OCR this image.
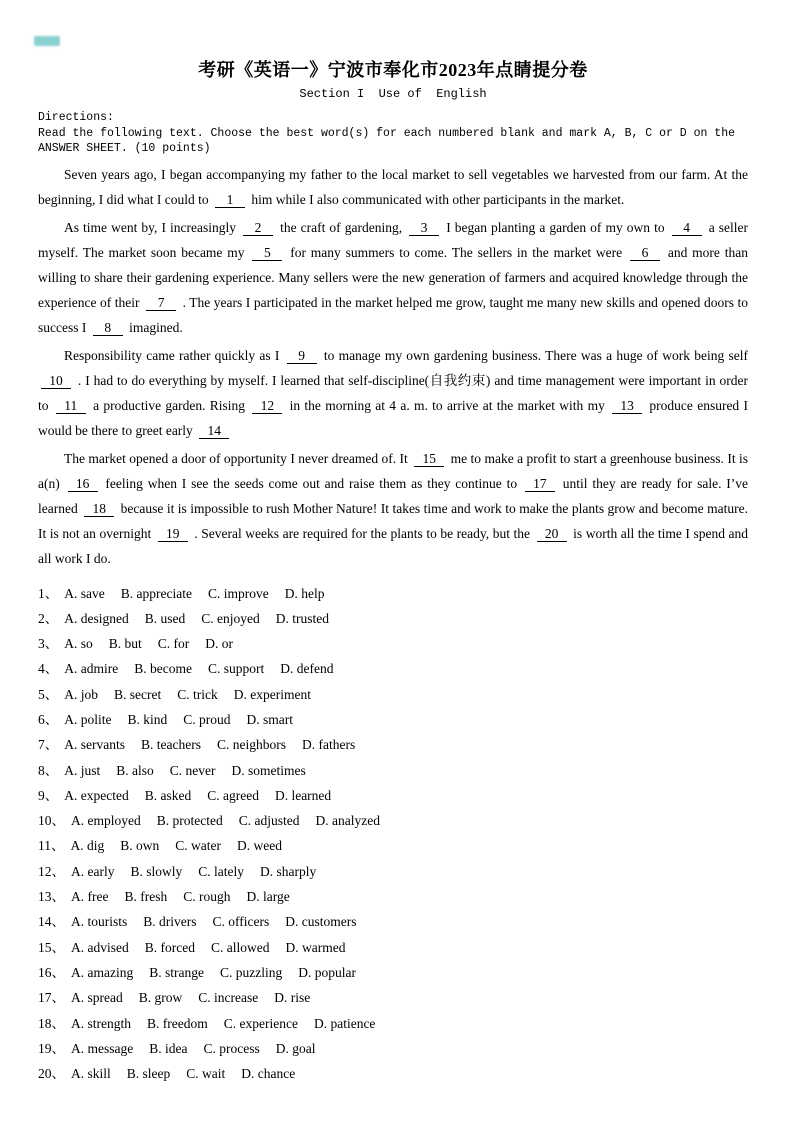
考研《英语一》宁波市奉化市2023年点睛提分卷
Section I  Use of  English
Directions:
Read the following text. Choose the best word(s) for each numbered blank and mark A, B, C or D on the ANSWER SHEET. (10 points)

Seven years ago, I began accompanying my father to the local market to sell vegetables we harvested from our farm. At the beginning, I did what I could to 1 him while I also communicated with other participants in the market.

As time went by, I increasingly 2 the craft of gardening, 3 I began planting a garden of my own to 4 a seller myself. The market soon became my 5 for many summers to come. The sellers in the market were 6 and more than willing to share their gardening experience. Many sellers were the new generation of farmers and acquired knowledge through the experience of their 7 . The years I participated in the market helped me grow, taught me many new skills and opened doors to success I 8 imagined.

Responsibility came rather quickly as I 9 to manage my own gardening business. There was a huge of work being self 10 . I had to do everything by myself. I learned that self-discipline(自我约束) and time management were important in order to 11 a productive garden. Rising 12 in the morning at 4 a. m. to arrive at the market with my 13 produce ensured I would be there to greet early 14

The market opened a door of opportunity I never dreamed of. It 15 me to make a profit to start a greenhouse business. It is a(n) 16 feeling when I see the seeds come out and raise them as they continue to 17 until they are ready for sale. I’ve learned 18 because it is impossible to rush Mother Nature! It takes time and work to make the plants grow and become mature. It is not an overnight 19 . Several weeks are required for the plants to be ready, but the 20 is worth all the time I spend and all work I do.

1、 A. save B. appreciate C. improve D. help
2、 A. designed B. used C. enjoyed D. trusted
3、 A. so B. but C. for D. or
4、 A. admire B. become C. support D. defend
5、 A. job B. secret C. trick D. experiment
6、 A. polite B. kind C. proud D. smart
7、 A. servants B. teachers C. neighbors D. fathers
8、 A. just B. also C. never D. sometimes
9、 A. expected B. asked C. agreed D. learned
10、 A. employed B. protected C. adjusted D. analyzed
11、 A. dig B. own C. water D. weed
12、 A. early B. slowly C. lately D. sharply
13、 A. free B. fresh C. rough D. large
14、 A. tourists B. drivers C. officers D. customers
15、 A. advised B. forced C. allowed D. warmed
16、 A. amazing B. strange C. puzzling D. popular
17、 A. spread B. grow C. increase D. rise
18、 A. strength B. freedom C. experience D. patience
19、 A. message B. idea C. process D. goal
20、 A. skill B. sleep C. wait D. chance
